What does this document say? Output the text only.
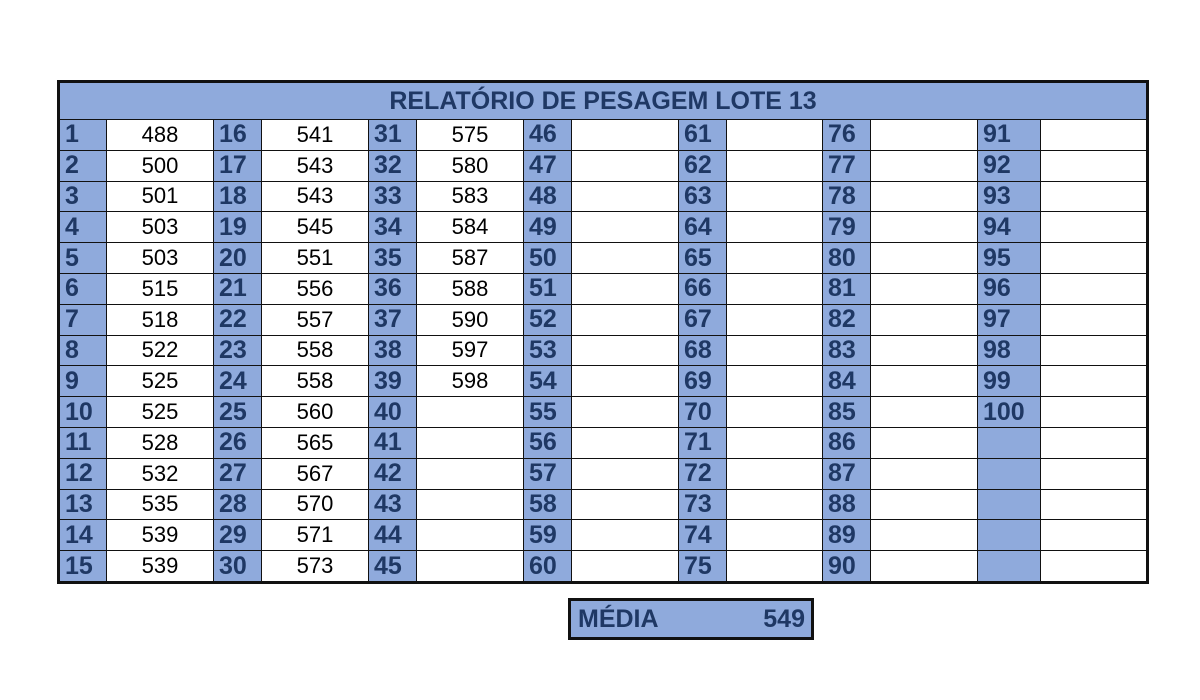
RELATÓRIO DE PESAGEM LOTE 13													
1	488	16	541	31	575	46		61		76		91	
2	500	17	543	32	580	47		62		77		92	
3	501	18	543	33	583	48		63		78		93	
4	503	19	545	34	584	49		64		79		94	
5	503	20	551	35	587	50		65		80		95	
6	515	21	556	36	588	51		66		81		96	
7	518	22	557	37	590	52		67		82		97	
8	522	23	558	38	597	53		68		83		98	
9	525	24	558	39	598	54		69		84		99	
10	525	25	560	40		55		70		85		100	
11	528	26	565	41		56		71		86			
12	532	27	567	42		57		72		87			
13	535	28	570	43		58		73		88			
14	539	29	571	44		59		74		89			
15	539	30	573	45		60		75		90			
MÉDIA	549
